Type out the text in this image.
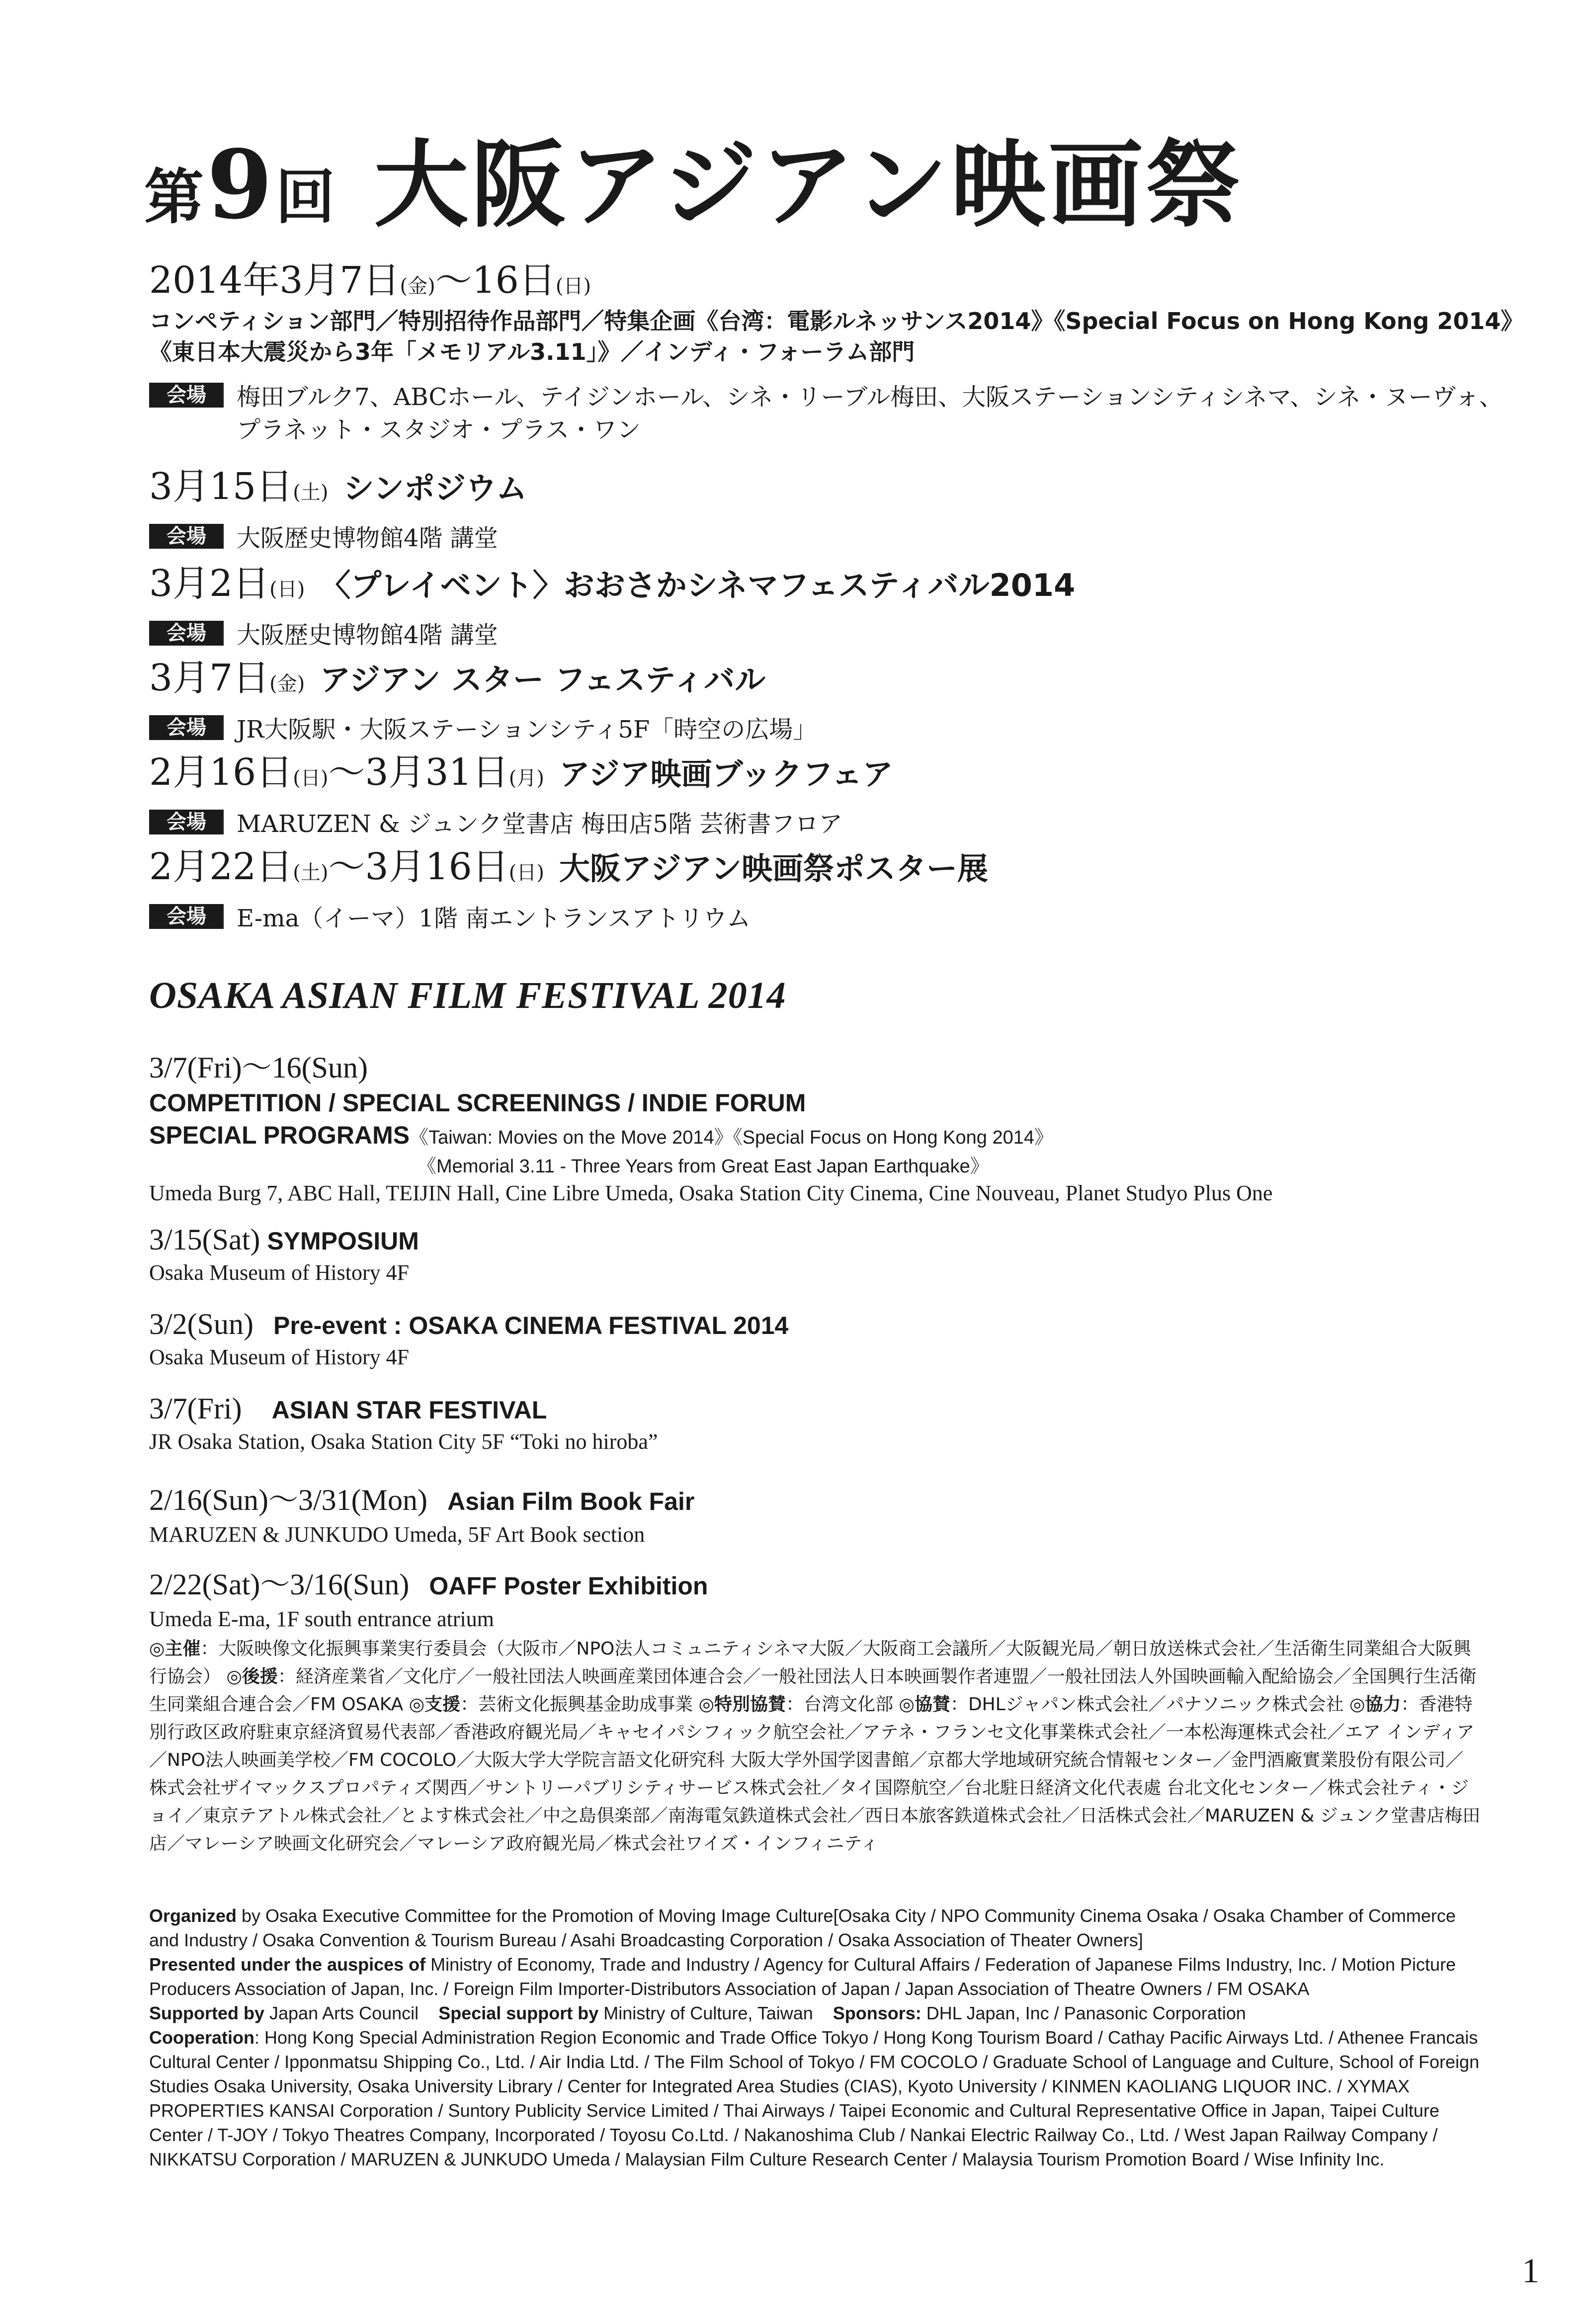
第9回 大阪アジアン映画祭
2014年3月7日(金)〜16日(日)
コンペティション部門／特別招待作品部門／特集企画《台湾：電影ルネッサンス2014》《Special Focus on Hong Kong 2014》
《東日本大震災から3年「メモリアル3.11」》／インディ・フォーラム部門
会場	梅田ブルク7、ABCホール、テイジンホール、シネ・リーブル梅田、大阪ステーションシティシネマ、シネ・ヌーヴォ、
プラネット・スタジオ・プラス・ワン
3月15日(土) シンポジウム
会場	大阪歴史博物館4階 講堂
3月2日(日) 〈プレイベント〉おおさかシネマフェスティバル2014
会場	大阪歴史博物館4階 講堂
3月7日(金) アジアン スター フェスティバル
会場	JR大阪駅・大阪ステーションシティ5F「時空の広場」
2月16日(日)〜3月31日(月) アジア映画ブックフェア
会場	MARUZEN & ジュンク堂書店 梅田店5階 芸術書フロア
2月22日(土)〜3月16日(日) 大阪アジアン映画祭ポスター展
会場	E-ma（イーマ）1階 南エントランスアトリウム
OSAKA ASIAN FILM FESTIVAL 2014
3/7(Fri)〜16(Sun)
COMPETITION / SPECIAL SCREENINGS / INDIE FORUM
SPECIAL PROGRAMS《Taiwan: Movies on the Move 2014》《Special Focus on Hong Kong 2014》
《Memorial 3.11 - Three Years from Great East Japan Earthquake》
Umeda Burg 7, ABC Hall, TEIJIN Hall, Cine Libre Umeda, Osaka Station City Cinema, Cine Nouveau, Planet Studyo Plus One
3/15(Sat) SYMPOSIUM
Osaka Museum of History 4F
3/2(Sun) Pre-event : OSAKA CINEMA FESTIVAL 2014
Osaka Museum of History 4F
3/7(Fri) ASIAN STAR FESTIVAL
JR Osaka Station, Osaka Station City 5F “Toki no hiroba”
2/16(Sun)〜3/31(Mon) Asian Film Book Fair
MARUZEN & JUNKUDO Umeda, 5F Art Book section
2/22(Sat)〜3/16(Sun) OAFF Poster Exhibition
Umeda E-ma, 1F south entrance atrium
◎主催：大阪映像文化振興事業実行委員会（大阪市／NPO法人コミュニティシネマ大阪／大阪商工会議所／大阪観光局／朝日放送株式会社／生活衛生同業組合大阪興行協会） ◎後援：経済産業省／文化庁／一般社団法人映画産業団体連合会／一般社団法人日本映画製作者連盟／一般社団法人外国映画輸入配給協会／全国興行生活衛生同業組合連合会／FM OSAKA ◎支援：芸術文化振興基金助成事業 ◎特別協賛：台湾文化部 ◎協賛：DHLジャパン株式会社／パナソニック株式会社 ◎協力：香港特別行政区政府駐東京経済貿易代表部／香港政府観光局／キャセイパシフィック航空会社／アテネ・フランセ文化事業株式会社／一本松海運株式会社／エア インディア／NPO法人映画美学校／FM COCOLO／大阪大学大学院言語文化研究科 大阪大学外国学図書館／京都大学地域研究統合情報センター／金門酒廠實業股份有限公司／株式会社ザイマックスプロパティズ関西／サントリーパブリシティサービス株式会社／タイ国際航空／台北駐日経済文化代表處 台北文化センター／株式会社ティ・ジョイ／東京テアトル株式会社／とよす株式会社／中之島倶楽部／南海電気鉄道株式会社／西日本旅客鉄道株式会社／日活株式会社／MARUZEN & ジュンク堂書店梅田店／マレーシア映画文化研究会／マレーシア政府観光局／株式会社ワイズ・インフィニティ
Organized by Osaka Executive Committee for the Promotion of Moving Image Culture[Osaka City / NPO Community Cinema Osaka / Osaka Chamber of Commerce and Industry / Osaka Convention & Tourism Bureau / Asahi Broadcasting Corporation / Osaka Association of Theater Owners]
Presented under the auspices of Ministry of Economy, Trade and Industry / Agency for Cultural Affairs / Federation of Japanese Films Industry, Inc. / Motion Picture Producers Association of Japan, Inc. / Foreign Film Importer-Distributors Association of Japan / Japan Association of Theatre Owners / FM OSAKA
Supported by Japan Arts Council Special support by Ministry of Culture, Taiwan Sponsors: DHL Japan, Inc / Panasonic Corporation
Cooperation: Hong Kong Special Administration Region Economic and Trade Office Tokyo / Hong Kong Tourism Board / Cathay Pacific Airways Ltd. / Athenee Francais Cultural Center / Ipponmatsu Shipping Co., Ltd. / Air India Ltd. / The Film School of Tokyo / FM COCOLO / Graduate School of Language and Culture, School of Foreign Studies Osaka University, Osaka University Library / Center for Integrated Area Studies (CIAS), Kyoto University / KINMEN KAOLIANG LIQUOR INC. / XYMAX PROPERTIES KANSAI Corporation / Suntory Publicity Service Limited / Thai Airways / Taipei Economic and Cultural Representative Office in Japan, Taipei Culture Center / T-JOY / Tokyo Theatres Company, Incorporated / Toyosu Co.Ltd. / Nakanoshima Club / Nankai Electric Railway Co., Ltd. / West Japan Railway Company / NIKKATSU Corporation / MARUZEN & JUNKUDO Umeda / Malaysian Film Culture Research Center / Malaysia Tourism Promotion Board / Wise Infinity Inc.
1
